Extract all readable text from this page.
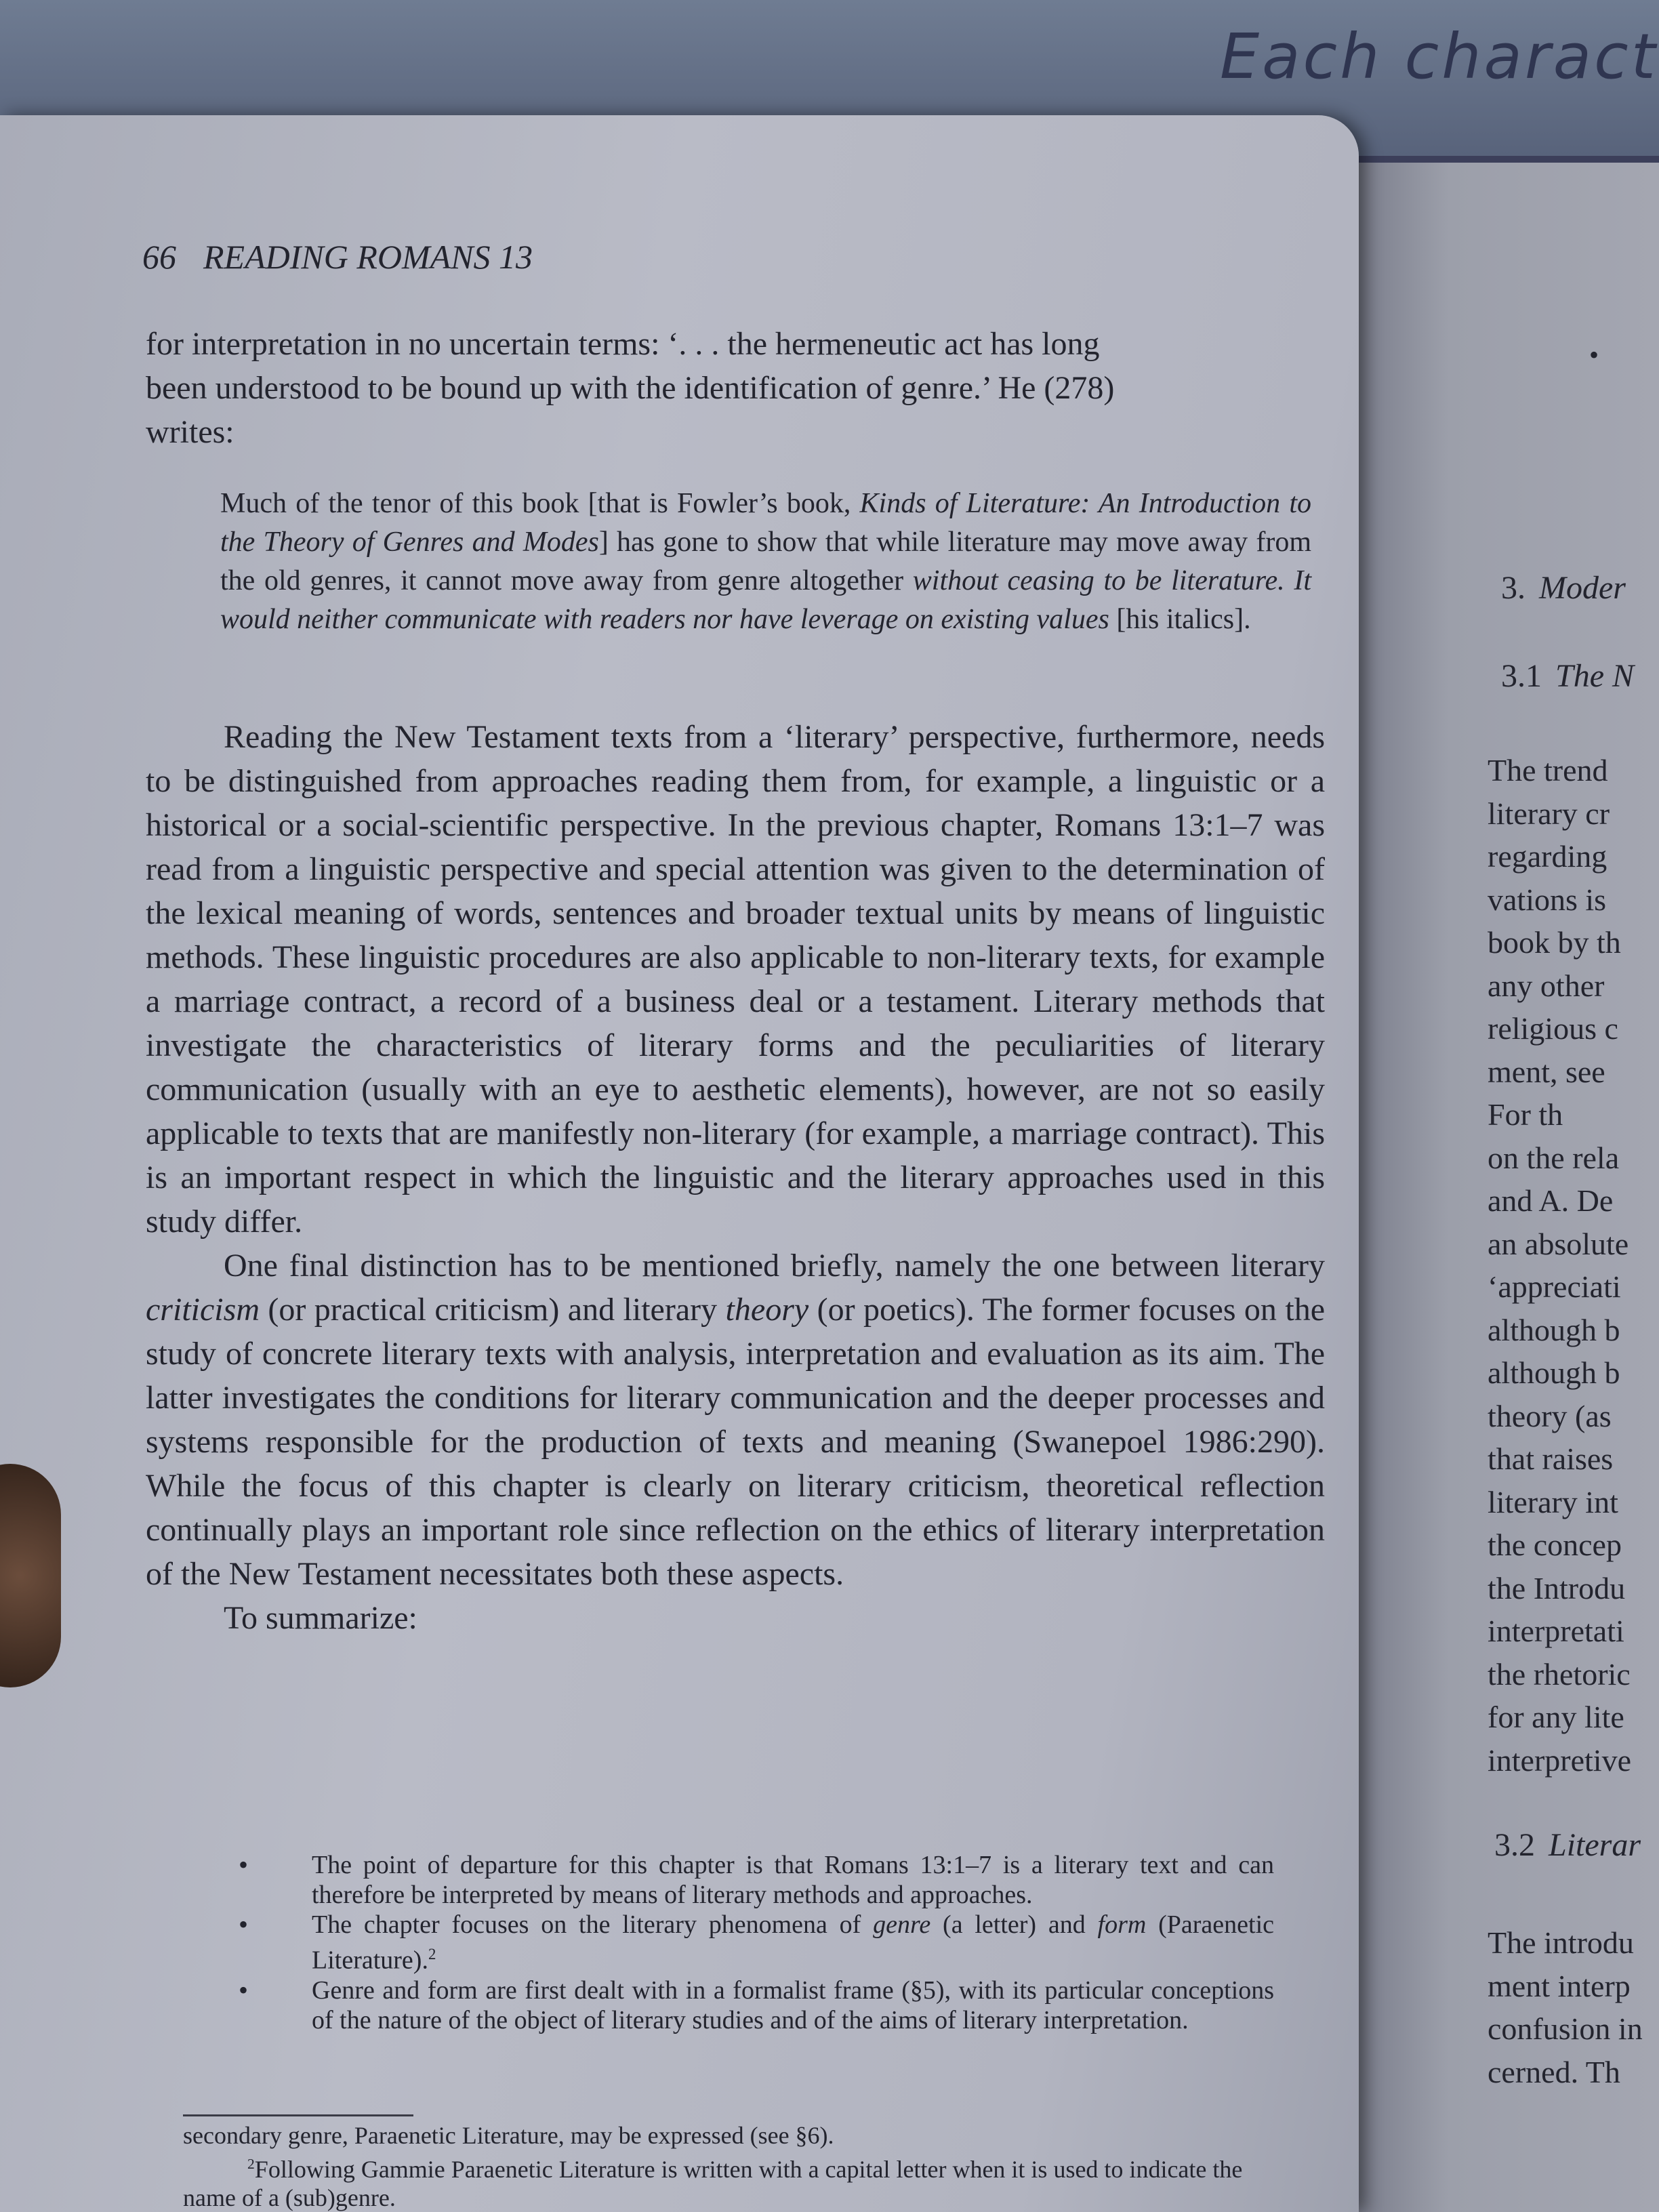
Each charact
•
3. Moder
3.1 The N
The trend
literary cr
regarding
vations is
book by th
any other
religious c
ment, see
For th
on the rela
and A. De
an absolute
‘appreciati
although b
although b
theory (as
that raises
literary int
the concep
the Introdu
interpretati
the rhetoric
for any lite
interpretive
3.2 Literar
The introdu
ment interp
confusion in
cerned. Th
66 READING ROMANS 13

for interpretation in no uncertain terms: ‘. . . the hermeneutic act has long

been understood to be bound up with the identification of genre.’ He (278)

writes:

Much of the tenor of this book [that is Fowler’s book, Kinds of Literature: An Introduction to the Theory of Genres and Modes] has gone to show that while literature may move away from the old genres, it cannot move away from genre altogether without ceasing to be literature. It would neither communicate with readers nor have leverage on existing values [his italics].

Reading the New Testament texts from a ‘literary’ perspective, furthermore, needs to be distinguished from approaches reading them from, for example, a linguistic or a historical or a social-scientific perspective. In the previous chapter, Romans 13:1–7 was read from a linguistic perspective and special attention was given to the determination of the lexical meaning of words, sentences and broader textual units by means of linguistic methods. These linguistic procedures are also applicable to non-literary texts, for example a marriage contract, a record of a business deal or a testament. Literary methods that investigate the characteristics of literary forms and the peculiarities of literary communication (usually with an eye to aesthetic elements), however, are not so easily applicable to texts that are manifestly non-literary (for example, a marriage contract). This is an important respect in which the linguistic and the literary approaches used in this study differ.

One final distinction has to be mentioned briefly, namely the one between literary criticism (or practical criticism) and literary theory (or poetics). The former focuses on the study of concrete literary texts with analysis, interpretation and evaluation as its aim. The latter investigates the conditions for literary communication and the deeper processes and systems responsible for the production of texts and meaning (Swanepoel 1986:290). While the focus of this chapter is clearly on literary criticism, theoretical reflection continually plays an important role since reflection on the ethics of literary interpretation of the New Testament necessitates both these aspects.

To summarize:

• The point of departure for this chapter is that Romans 13:1–7 is a literary text and can therefore be interpreted by means of literary methods and approaches.
• The chapter focuses on the literary phenomena of genre (a letter) and form (Paraenetic Literature).$^2$
• Genre and form are first dealt with in a formalist frame (§5), with its particular conceptions of the nature of the object of literary studies and of the aims of literary interpretation.

secondary genre, Paraenetic Literature, may be expressed (see §6).

$^2$Following Gammie Paraenetic Literature is written with a capital letter when it is used to indicate the name of a (sub)genre.
